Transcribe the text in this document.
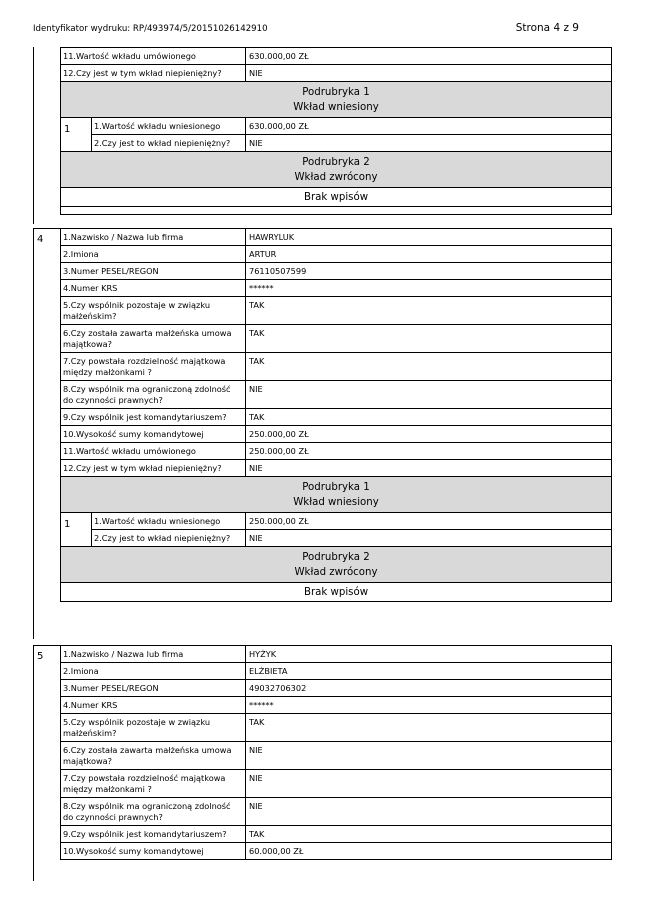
Identyfikator wydruku: RP/493974/5/20151026142910	Strona 4 z 9
11.Wartość wkładu umówionego	630.000,00 ZŁ
12.Czy jest w tym wkład niepieniężny?	NIE
Podrubryka 1
Wkład wniesiony
1	1.Wartość wkładu wniesionego	630.000,00 ZŁ
2.Czy jest to wkład niepieniężny?	NIE
Podrubryka 2
Wkład zwrócony
Brak wpisów
4 1.Nazwisko / Nazwa lub firma	HAWRYLUK
2.Imiona	ARTUR
3.Numer PESEL/REGON	76110507599
4.Numer KRS	******
5.Czy wspólnik pozostaje w związku małżeńskim?
TAK
6.Czy została zawarta małżeńska umowa majątkowa?
TAK
7.Czy powstała rozdzielność majątkowa między małżonkami ?
TAK
8.Czy wspólnik ma ograniczoną zdolność do czynności prawnych?
NIE
9.Czy wspólnik jest komandytariuszem?	TAK
10.Wysokość sumy komandytowej	250.000,00 ZŁ
11.Wartość wkładu umówionego	250.000,00 ZŁ
12.Czy jest w tym wkład niepieniężny?	NIE
Podrubryka 1
Wkład wniesiony
1	1.Wartość wkładu wniesionego	250.000,00 ZŁ
2.Czy jest to wkład niepieniężny?	NIE
Podrubryka 2
Wkład zwrócony
Brak wpisów
5 1.Nazwisko / Nazwa lub firma	HYŻYK
2.Imiona	ELŻBIETA
3.Numer PESEL/REGON	49032706302
4.Numer KRS	******
5.Czy wspólnik pozostaje w związku małżeńskim?
TAK
6.Czy została zawarta małżeńska umowa majątkowa?
NIE
7.Czy powstała rozdzielność majątkowa między małżonkami ?
NIE
8.Czy wspólnik ma ograniczoną zdolność do czynności prawnych?
NIE
9.Czy wspólnik jest komandytariuszem?	TAK
10.Wysokość sumy komandytowej	60.000,00 ZŁ
